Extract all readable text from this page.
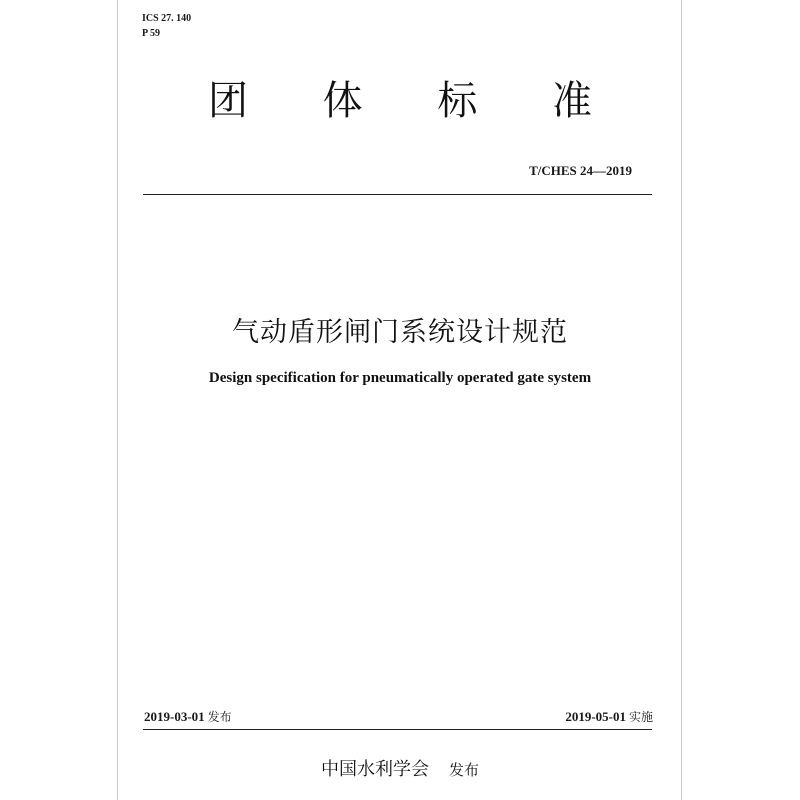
ICS 27. 140
P 59
团 体 标 准
T/CHES 24—2019
气动盾形闸门系统设计规范
Design specification for pneumatically operated gate system
2019-03-01 发布	2019-05-01 实施
中国水利学会 发布
